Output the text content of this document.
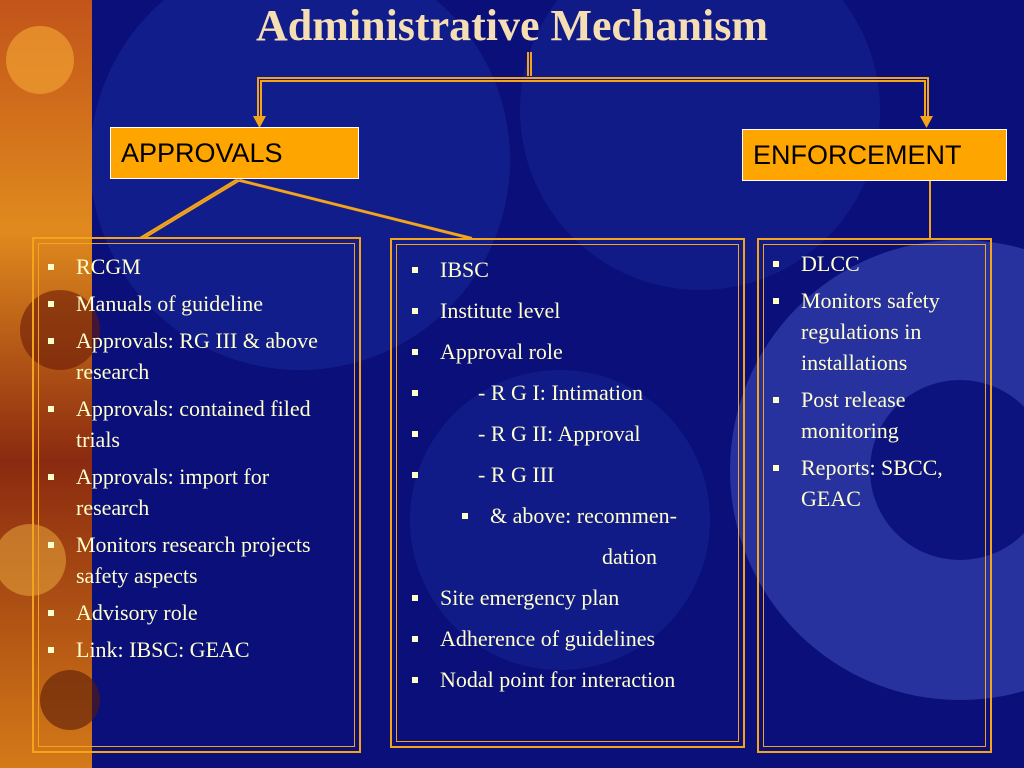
Administrative Mechanism
APPROVALS	ENFORCEMENT
RCGM
Manuals of guideline
Approvals: RG III & above research
Approvals: contained filed trials
Approvals: import for research
Monitors research projects safety aspects
Advisory role
Link: IBSC: GEAC
IBSC
Institute level
Approval role
- R G I: Intimation
- R G II: Approval
- R G III
& above: recommen-
dation
Site emergency plan
Adherence of guidelines
Nodal point for interaction
DLCC
Monitors safety regulations in installations
Post release monitoring
Reports: SBCC, GEAC
